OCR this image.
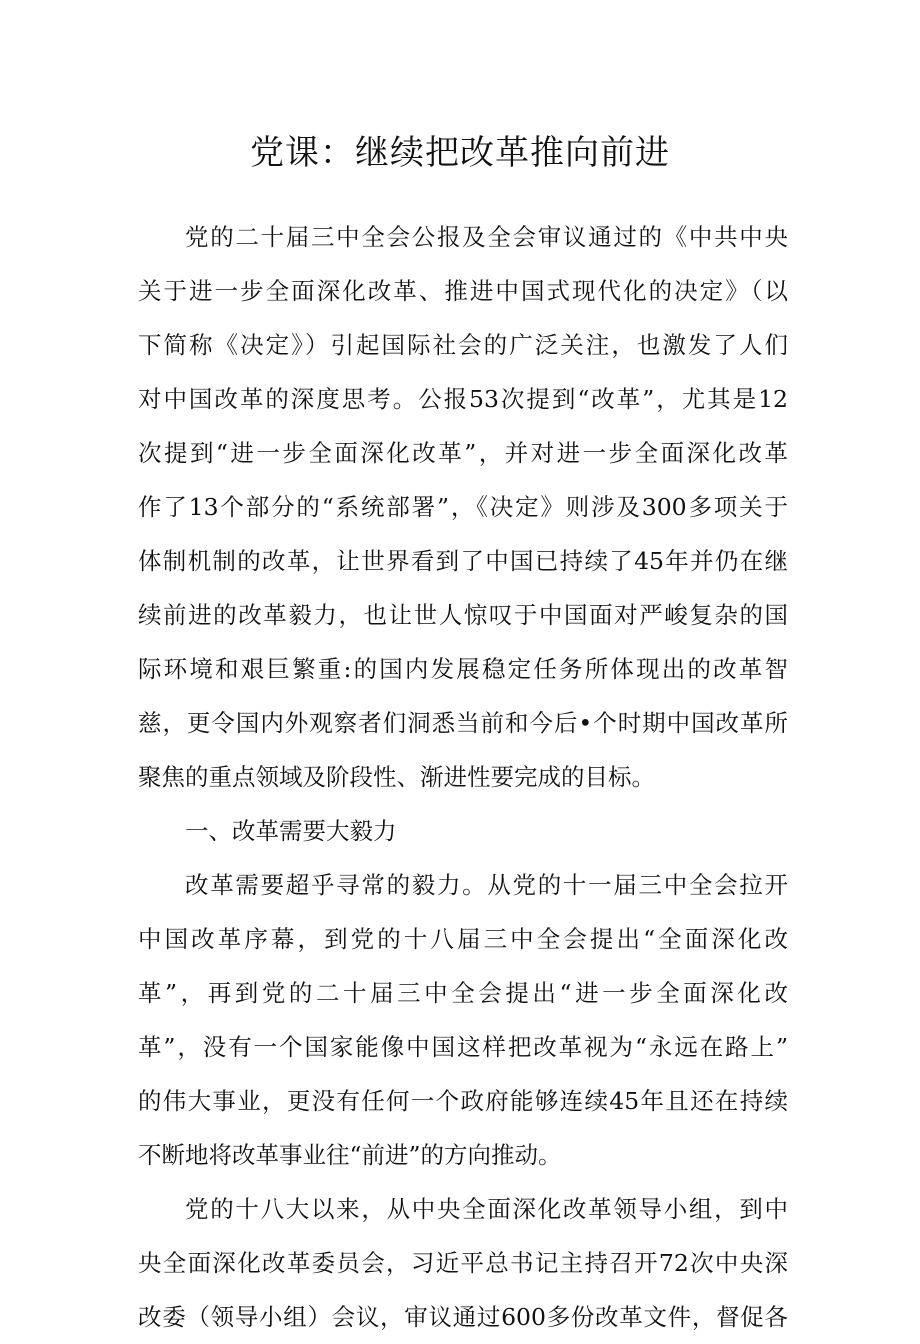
党课：继续把改革推向前进
党的二十届三中全会公报及全会审议通过的《中共中央
关于进一步全面深化改革、推进中国式现代化的决定》（以
下简称《决定》）引起国际社会的广泛关注，也激发了人们
对中国改革的深度思考。公报53次提到“改革”，尤其是12
次提到“进一步全面深化改革”，并对进一步全面深化改革
作了13个部分的“系统部署”，《决定》则涉及300多项关于
体制机制的改革，让世界看到了中国已持续了45年并仍在继
续前进的改革毅力，也让世人惊叹于中国面对严峻复杂的国
际环境和艰巨繁重:的国内发展稳定任务所体现出的改革智
慈，更令国内外观察者们洞悉当前和今后•个时期中国改革所
聚焦的重点领域及阶段性、渐进性要完成的目标。
一、改革需要大毅力
改革需要超乎寻常的毅力。从党的十一届三中全会拉开
中国改革序幕，到党的十八届三中全会提出“全面深化改
革”，再到党的二十届三中全会提出“进一步全面深化改
革”，没有一个国家能像中国这样把改革视为“永远在路上”
的伟大事业，更没有任何一个政府能够连续45年且还在持续
不断地将改革事业往“前进”的方向推动。
党的十八大以来，从中央全面深化改革领导小组，到中
央全面深化改革委员会，习近平总书记主持召开72次中央深
改委（领导小组）会议，审议通过600多份改革文件，督促各
